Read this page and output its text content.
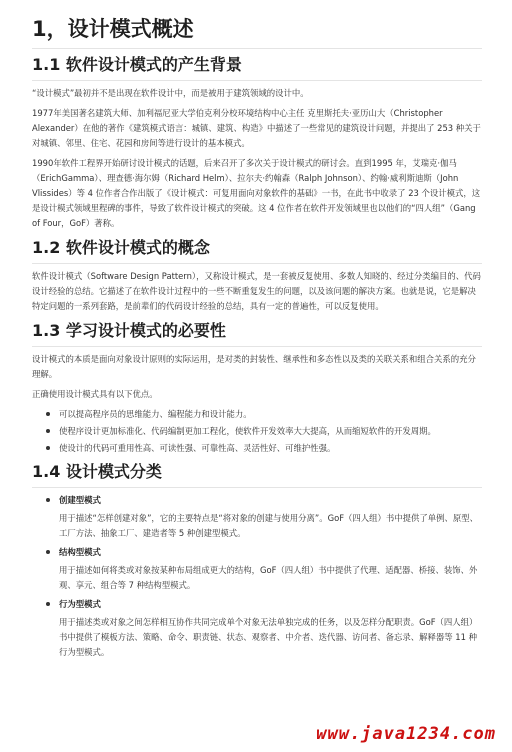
1，设计模式概述
1.1 软件设计模式的产生背景

“设计模式”最初并不是出现在软件设计中，而是被用于建筑领域的设计中。

1977年美国著名建筑大师、加利福尼亚大学伯克利分校环境结构中心主任 克里斯托夫·亚历山大（Christopher Alexander）在他的著作《建筑模式语言：城镇、建筑、构造》中描述了一些常见的建筑设计问题，并提出了 253 种关于对城镇、邻里、住宅、花园和房间等进行设计的基本模式。

1990年软件工程界开始研讨设计模式的话题，后来召开了多次关于设计模式的研讨会。直到1995 年，艾瑞克·伽马（ErichGamma）、理查德·海尔姆（Richard Helm）、拉尔夫·约翰森（Ralph Johnson）、约翰·威利斯迪斯（John Vlissides）等 4 位作者合作出版了《设计模式：可复用面向对象软件的基础》一书，在此书中收录了 23 个设计模式，这是设计模式领域里程碑的事件，导致了软件设计模式的突破。这 4 位作者在软件开发领域里也以他们的“四人组”（Gang of Four，GoF）著称。

1.2 软件设计模式的概念

软件设计模式（Software Design Pattern），又称设计模式，是一套被反复使用、多数人知晓的、经过分类编目的、代码设计经验的总结。它描述了在软件设计过程中的一些不断重复发生的问题，以及该问题的解决方案。也就是说，它是解决特定问题的一系列套路，是前辈们的代码设计经验的总结，具有一定的普遍性，可以反复使用。

1.3 学习设计模式的必要性

设计模式的本质是面向对象设计原则的实际运用，是对类的封装性、继承性和多态性以及类的关联关系和组合关系的充分理解。

正确使用设计模式具有以下优点。

可以提高程序员的思维能力、编程能力和设计能力。
使程序设计更加标准化、代码编制更加工程化，使软件开发效率大大提高，从而缩短软件的开发周期。
使设计的代码可重用性高、可读性强、可靠性高、灵活性好、可维护性强。
1.4 设计模式分类
创建型模式
用于描述“怎样创建对象”，它的主要特点是“将对象的创建与使用分离”。GoF（四人组）书中提供了单例、原型、工厂方法、抽象工厂、建造者等 5 种创建型模式。
结构型模式
用于描述如何将类或对象按某种布局组成更大的结构，GoF（四人组）书中提供了代理、适配器、桥接、装饰、外观、享元、组合等 7 种结构型模式。
行为型模式
用于描述类或对象之间怎样相互协作共同完成单个对象无法单独完成的任务，以及怎样分配职责。GoF（四人组）书中提供了模板方法、策略、命令、职责链、状态、观察者、中介者、迭代器、访问者、备忘录、解释器等 11 种行为型模式。
www.java1234.com
